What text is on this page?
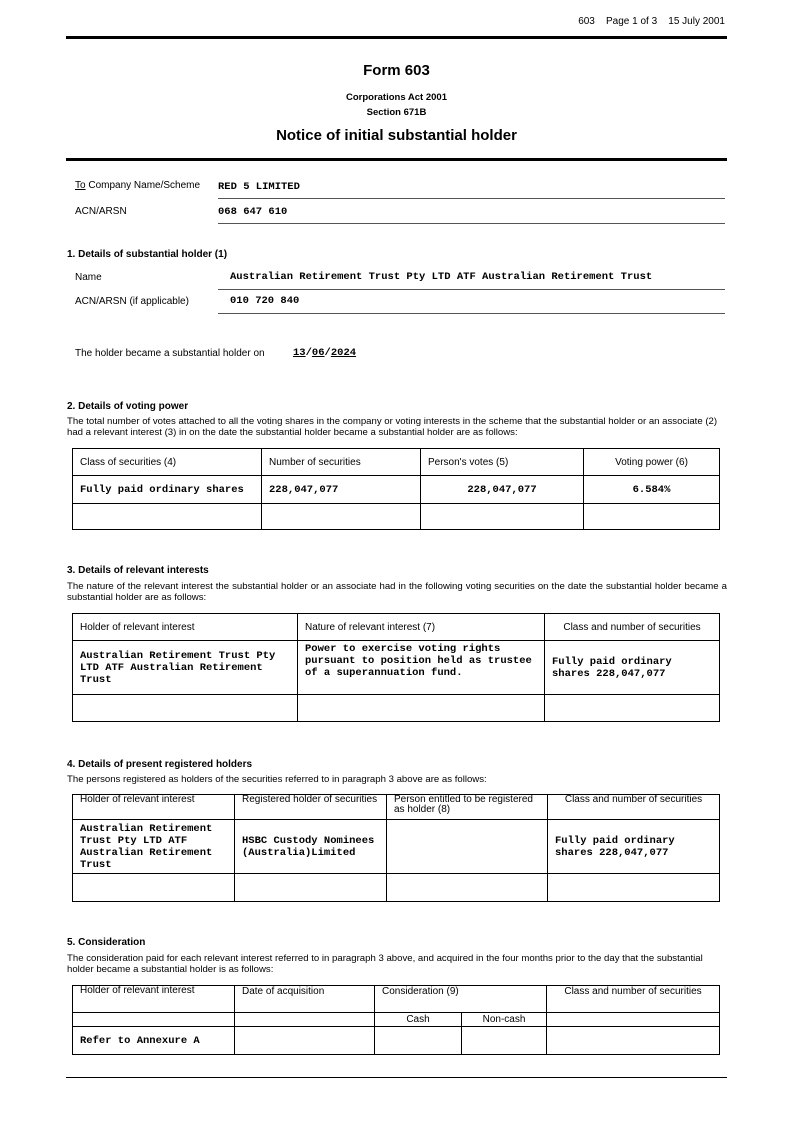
603 Page 1 of 3 15 July 2001
Form 603
Corporations Act 2001
Section 671B
Notice of initial substantial holder
To Company Name/Scheme RED 5 LIMITED
ACN/ARSN	068 647 610
1. Details of substantial holder (1)
Name	Australian Retirement Trust Pty LTD ATF Australian Retirement Trust
ACN/ARSN (if applicable)	010 720 840
The holder became a substantial holder on	13/06/2024
2. Details of voting power
The total number of votes attached to all the voting shares in the company or voting interests in the scheme that the substantial holder or an associate (2) had a relevant interest (3) in on the date the substantial holder became a substantial holder are as follows:
Class of securities (4)	Number of securities	Person's votes (5)	Voting power (6)
Fully paid ordinary shares	228,047,077	228,047,077	6.584%

3. Details of relevant interests
The nature of the relevant interest the substantial holder or an associate had in the following voting securities on the date the substantial holder became a substantial holder are as follows:
Holder of relevant interest	Nature of relevant interest (7)	Class and number of securities
Australian Retirement Trust Pty LTD ATF Australian Retirement Trust	Power to exercise voting rights pursuant to position held as trustee of a superannuation fund.	Fully paid ordinary shares 228,047,077

4. Details of present registered holders
The persons registered as holders of the securities referred to in paragraph 3 above are as follows:
Holder of relevant interest	Registered holder of securities	Person entitled to be registered as holder (8)	Class and number of securities
Australian Retirement Trust Pty LTD ATF Australian Retirement Trust	HSBC Custody Nominees (Australia)Limited		Fully paid ordinary shares 228,047,077

5. Consideration
The consideration paid for each relevant interest referred to in paragraph 3 above, and acquired in the four months prior to the day that the substantial holder became a substantial holder is as follows:
Holder of relevant interest	Date of acquisition	Consideration (9)		Class and number of securities
		Cash	Non-cash	
Refer to Annexure A				
